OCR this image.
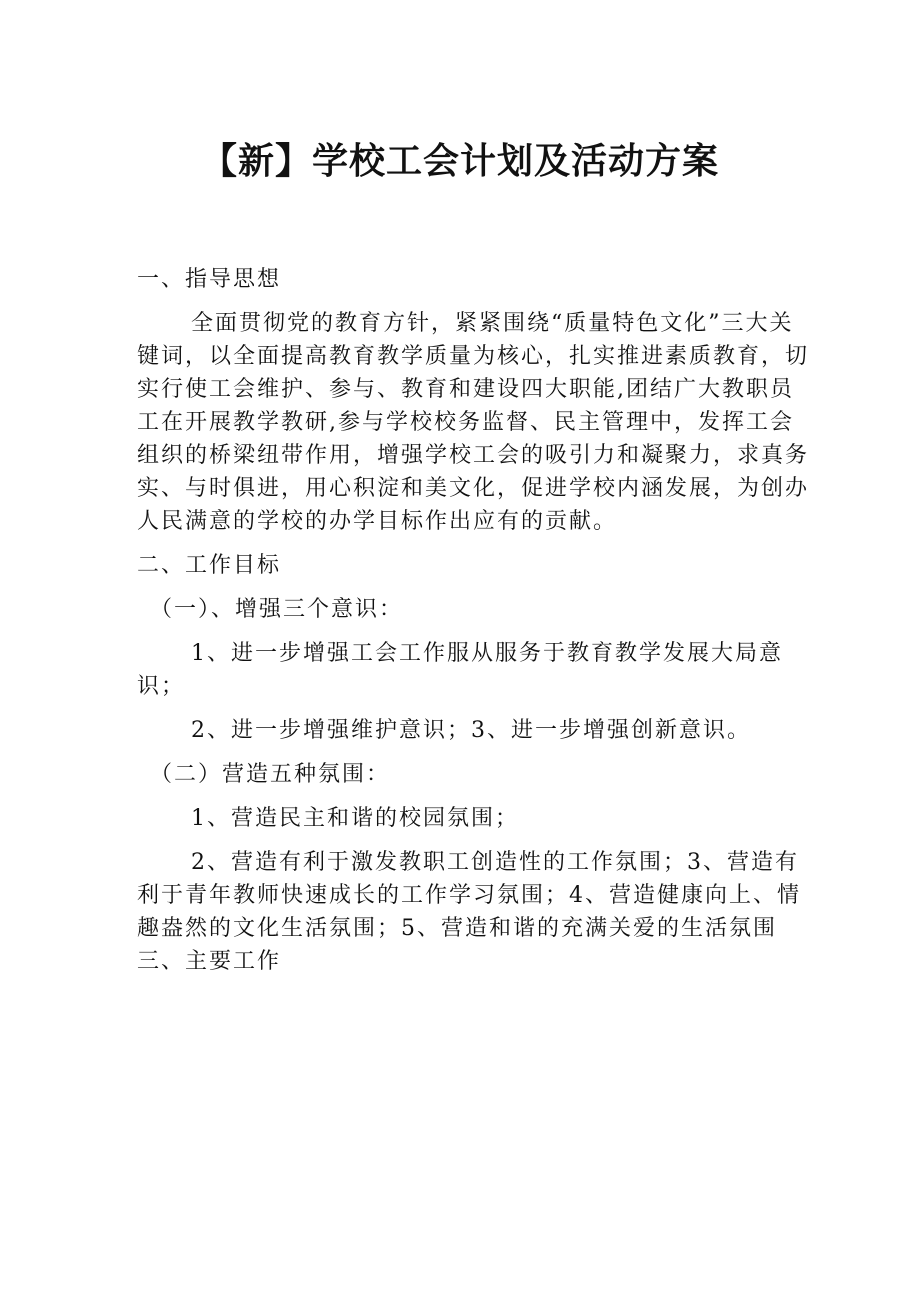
【新】学校工会计划及活动方案

一、指导思想

全面贯彻党的教育方针，紧紧围绕“质量特色文化”三大关键词，以全面提高教育教学质量为核心，扎实推进素质教育，切实行使工会维护、参与、教育和建设四大职能,团结广大教职员工在开展教学教研,参与学校校务监督、民主管理中，发挥工会组织的桥梁纽带作用，增强学校工会的吸引力和凝聚力，求真务实、与时俱进，用心积淀和美文化，促进学校内涵发展，为创办人民满意的学校的办学目标作出应有的贡献。

二、工作目标

（一）、增强三个意识：

1、进一步增强工会工作服从服务于教育教学发展大局意识；

2、进一步增强维护意识；3、进一步增强创新意识。

（二）营造五种氛围：

1、营造民主和谐的校园氛围；

2、营造有利于激发教职工创造性的工作氛围；3、营造有利于青年教师快速成长的工作学习氛围；4、营造健康向上、情趣盎然的文化生活氛围；5、营造和谐的充满关爱的生活氛围三、主要工作
